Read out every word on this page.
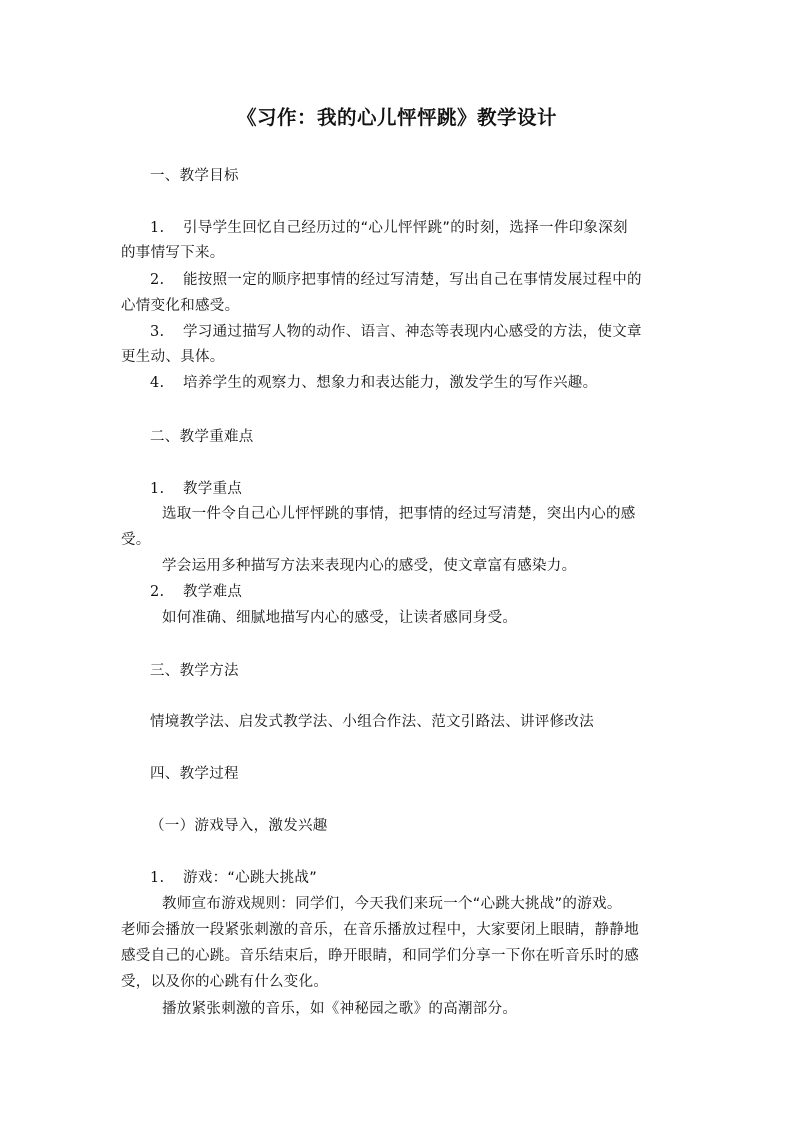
《习作：我的心儿怦怦跳》教学设计
一、教学目标
1. 引导学生回忆自己经历过的“心儿怦怦跳”的时刻，选择一件印象深刻
的事情写下来。
2. 能按照一定的顺序把事情的经过写清楚，写出自己在事情发展过程中的
心情变化和感受。
3. 学习通过描写人物的动作、语言、神态等表现内心感受的方法，使文章
更生动、具体。
4. 培养学生的观察力、想象力和表达能力，激发学生的写作兴趣。
二、教学重难点
1. 教学重点
选取一件令自己心儿怦怦跳的事情，把事情的经过写清楚，突出内心的感
受。
学会运用多种描写方法来表现内心的感受，使文章富有感染力。
2. 教学难点
如何准确、细腻地描写内心的感受，让读者感同身受。
三、教学方法
情境教学法、启发式教学法、小组合作法、范文引路法、讲评修改法
四、教学过程
（一）游戏导入，激发兴趣
1. 游戏：“心跳大挑战”
教师宣布游戏规则：同学们，今天我们来玩一个“心跳大挑战”的游戏。
老师会播放一段紧张刺激的音乐，在音乐播放过程中，大家要闭上眼睛，静静地
感受自己的心跳。音乐结束后，睁开眼睛，和同学们分享一下你在听音乐时的感
受，以及你的心跳有什么变化。
播放紧张刺激的音乐，如《神秘园之歌》的高潮部分。
